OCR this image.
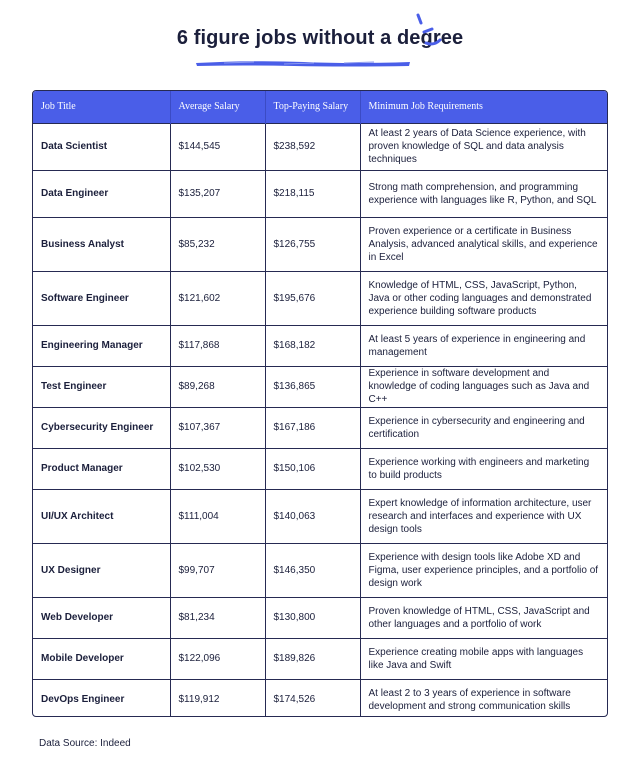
6 figure jobs without a degree
Job Title	Average Salary	Top-Paying Salary	Minimum Job Requirements
Data Scientist	$144,545	$238,592	At least 2 years of Data Science experience, with proven knowledge of SQL and data analysis techniques
Data Engineer	$135,207	$218,115	Strong math comprehension, and programming experience with languages like R, Python, and SQL
Business Analyst	$85,232	$126,755	Proven experience or a certificate in Business Analysis, advanced analytical skills, and experience in Excel
Software Engineer	$121,602	$195,676	Knowledge of HTML, CSS, JavaScript, Python, Java or other coding languages and demonstrated experience building software products
Engineering Manager	$117,868	$168,182	At least 5 years of experience in engineering and management
Test Engineer	$89,268	$136,865	Experience in software development and knowledge of coding languages such as Java and C++
Cybersecurity Engineer	$107,367	$167,186	Experience in cybersecurity and engineering and certification
Product Manager	$102,530	$150,106	Experience working with engineers and marketing to build products
UI/UX Architect	$111,004	$140,063	Expert knowledge of information architecture, user research and interfaces and experience with UX design tools
UX Designer	$99,707	$146,350	Experience with design tools like Adobe XD and Figma, user experience principles, and a portfolio of design work
Web Developer	$81,234	$130,800	Proven knowledge of HTML, CSS, JavaScript and other languages and a portfolio of work
Mobile Developer	$122,096	$189,826	Experience creating mobile apps with languages like Java and Swift
DevOps Engineer	$119,912	$174,526	At least 2 to 3 years of experience in software development and strong communication skills
Data Source: Indeed
